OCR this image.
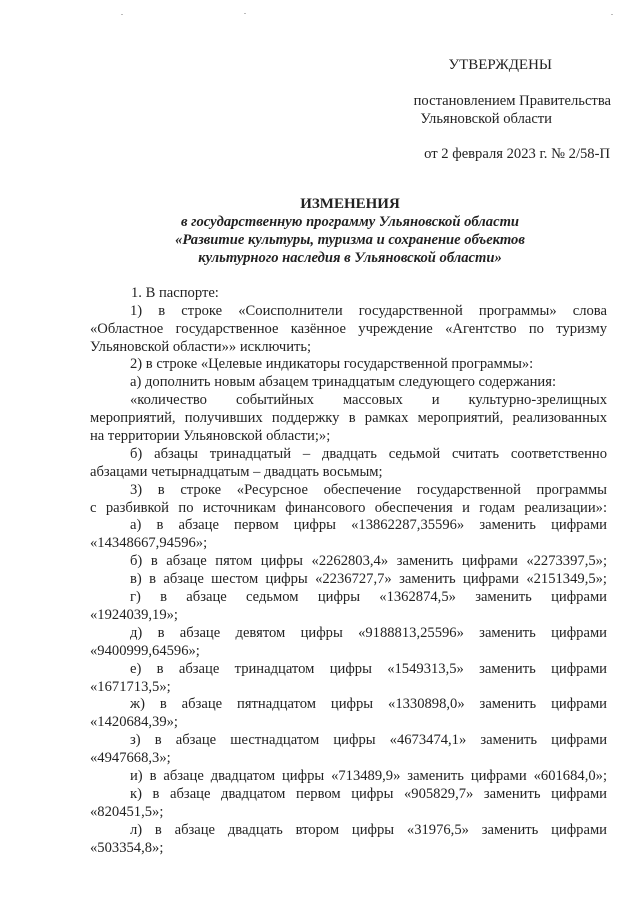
УТВЕРЖДЕНЫ
постановлением Правительства
Ульяновской области
от 2 февраля 2023 г. № 2/58-П
ИЗМЕНЕНИЯ
в государственную программу Ульяновской области
«Развитие культуры, туризма и сохранение объектов
культурного наследия в Ульяновской области»
1. В паспорте:
1) в строке «Соисполнители государственной программы» слова
«Областное государственное казённое учреждение «Агентство по туризму
Ульяновской области»» исключить;
2) в строке «Целевые индикаторы государственной программы»:
а) дополнить новым абзацем тринадцатым следующего содержания:
«количество событийных массовых и культурно-зрелищных
мероприятий, получивших поддержку в рамках мероприятий, реализованных
на территории Ульяновской области;»;
б) абзацы тринадцатый – двадцать седьмой считать соответственно
абзацами четырнадцатым – двадцать восьмым;
3) в строке «Ресурсное обеспечение государственной программы
с разбивкой по источникам финансового обеспечения и годам реализации»:
а) в абзаце первом цифры «13862287,35596» заменить цифрами
«14348667,94596»;
б) в абзаце пятом цифры «2262803,4» заменить цифрами «2273397,5»;
в) в абзаце шестом цифры «2236727,7» заменить цифрами «2151349,5»;
г) в абзаце седьмом цифры «1362874,5» заменить цифрами
«1924039,19»;
д) в абзаце девятом цифры «9188813,25596» заменить цифрами
«9400999,64596»;
е) в абзаце тринадцатом цифры «1549313,5» заменить цифрами
«1671713,5»;
ж) в абзаце пятнадцатом цифры «1330898,0» заменить цифрами
«1420684,39»;
з) в абзаце шестнадцатом цифры «4673474,1» заменить цифрами
«4947668,3»;
и) в абзаце двадцатом цифры «713489,9» заменить цифрами «601684,0»;
к) в абзаце двадцатом первом цифры «905829,7» заменить цифрами
«820451,5»;
л) в абзаце двадцать втором цифры «31976,5» заменить цифрами
«503354,8»;
